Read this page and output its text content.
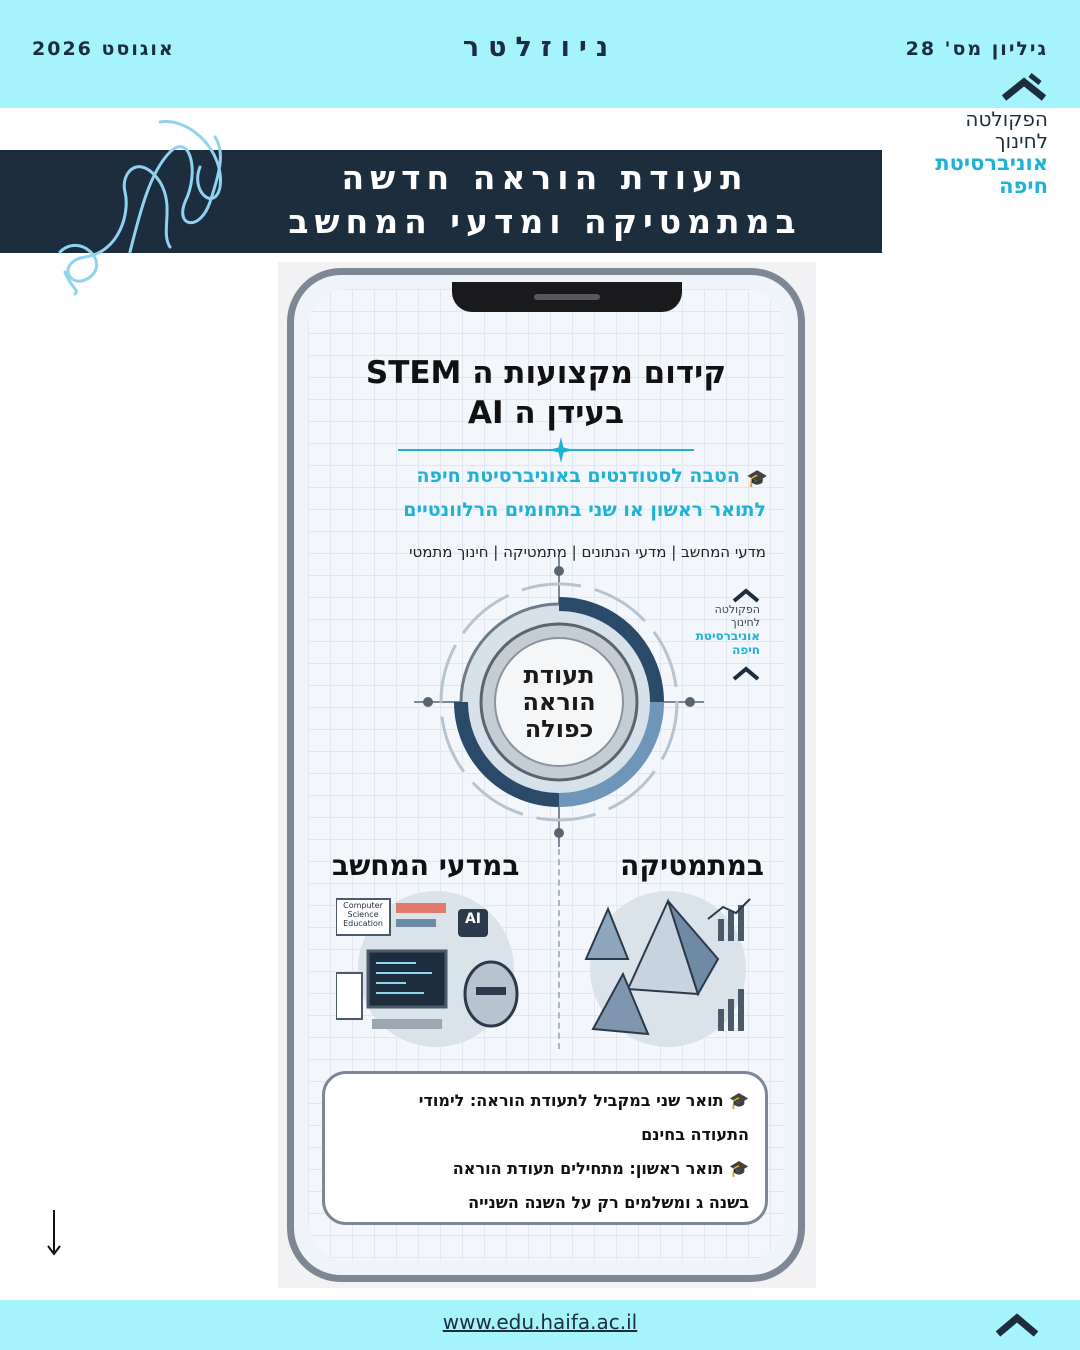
גיליון מס' 28
ניוזלטר
אוגוסט 2026
הפקולטה
לחינוך
אוניברסיטת
חיפה
תעודת הוראה חדשה
במתמטיקה ומדעי המחשב
קידום מקצועות ה STEM
בעידן ה AI
🎓
הטבה לסטודנטים באוניברסיטת חיפה
לתואר ראשון או שני בתחומים הרלוונטיים
מדעי המחשב | מדעי הנתונים | מתמטיקה | חינוך מתמטי
תעודת
הוראה
כפולה
הפקולטה
לחינוך
אוניברסיטת
חיפה
במתמטיקה
במדעי המחשב
Computer Science Education	AI

🎓 תואר שני במקביל לתעודת הוראה: לימודי

התעודה בחינם

🎓 תואר ראשון: מתחילים תעודת הוראה

בשנה ג ומשלמים רק על השנה השנייה

www.edu.haifa.ac.il
